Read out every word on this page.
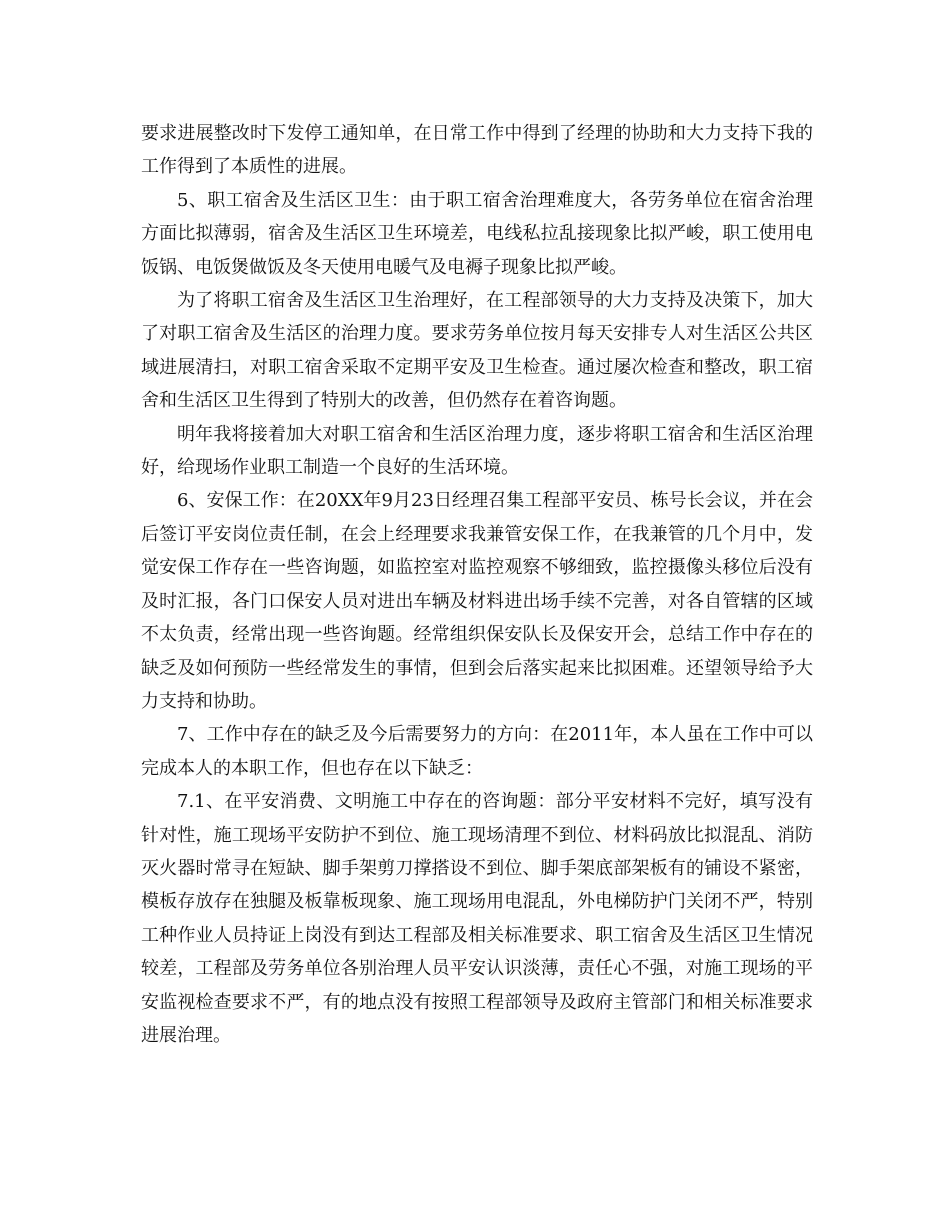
要求进展整改时下发停工通知单，在日常工作中得到了经理的协助和大力支持下我的工作得到了本质性的进展。

5、职工宿舍及生活区卫生：由于职工宿舍治理难度大，各劳务单位在宿舍治理方面比拟薄弱，宿舍及生活区卫生环境差，电线私拉乱接现象比拟严峻，职工使用电饭锅、电饭煲做饭及冬天使用电暖气及电褥子现象比拟严峻。

为了将职工宿舍及生活区卫生治理好，在工程部领导的大力支持及决策下，加大了对职工宿舍及生活区的治理力度。要求劳务单位按月每天安排专人对生活区公共区域进展清扫，对职工宿舍采取不定期平安及卫生检查。通过屡次检查和整改，职工宿舍和生活区卫生得到了特别大的改善，但仍然存在着咨询题。

明年我将接着加大对职工宿舍和生活区治理力度，逐步将职工宿舍和生活区治理好，给现场作业职工制造一个良好的生活环境。

6、安保工作：在20XX年9月23日经理召集工程部平安员、栋号长会议，并在会后签订平安岗位责任制，在会上经理要求我兼管安保工作，在我兼管的几个月中，发觉安保工作存在一些咨询题，如监控室对监控观察不够细致，监控摄像头移位后没有及时汇报，各门口保安人员对进出车辆及材料进出场手续不完善，对各自管辖的区域不太负责，经常出现一些咨询题。经常组织保安队长及保安开会，总结工作中存在的缺乏及如何预防一些经常发生的事情，但到会后落实起来比拟困难。还望领导给予大力支持和协助。

7、工作中存在的缺乏及今后需要努力的方向：在2011年，本人虽在工作中可以完成本人的本职工作，但也存在以下缺乏：

7.1、在平安消费、文明施工中存在的咨询题：部分平安材料不完好，填写没有针对性，施工现场平安防护不到位、施工现场清理不到位、材料码放比拟混乱、消防灭火器时常寻在短缺、脚手架剪刀撑搭设不到位、脚手架底部架板有的铺设不紧密，模板存放存在独腿及板靠板现象、施工现场用电混乱，外电梯防护门关闭不严，特别工种作业人员持证上岗没有到达工程部及相关标准要求、职工宿舍及生活区卫生情况较差，工程部及劳务单位各别治理人员平安认识淡薄，责任心不强，对施工现场的平安监视检查要求不严，有的地点没有按照工程部领导及政府主管部门和相关标准要求进展治理。
